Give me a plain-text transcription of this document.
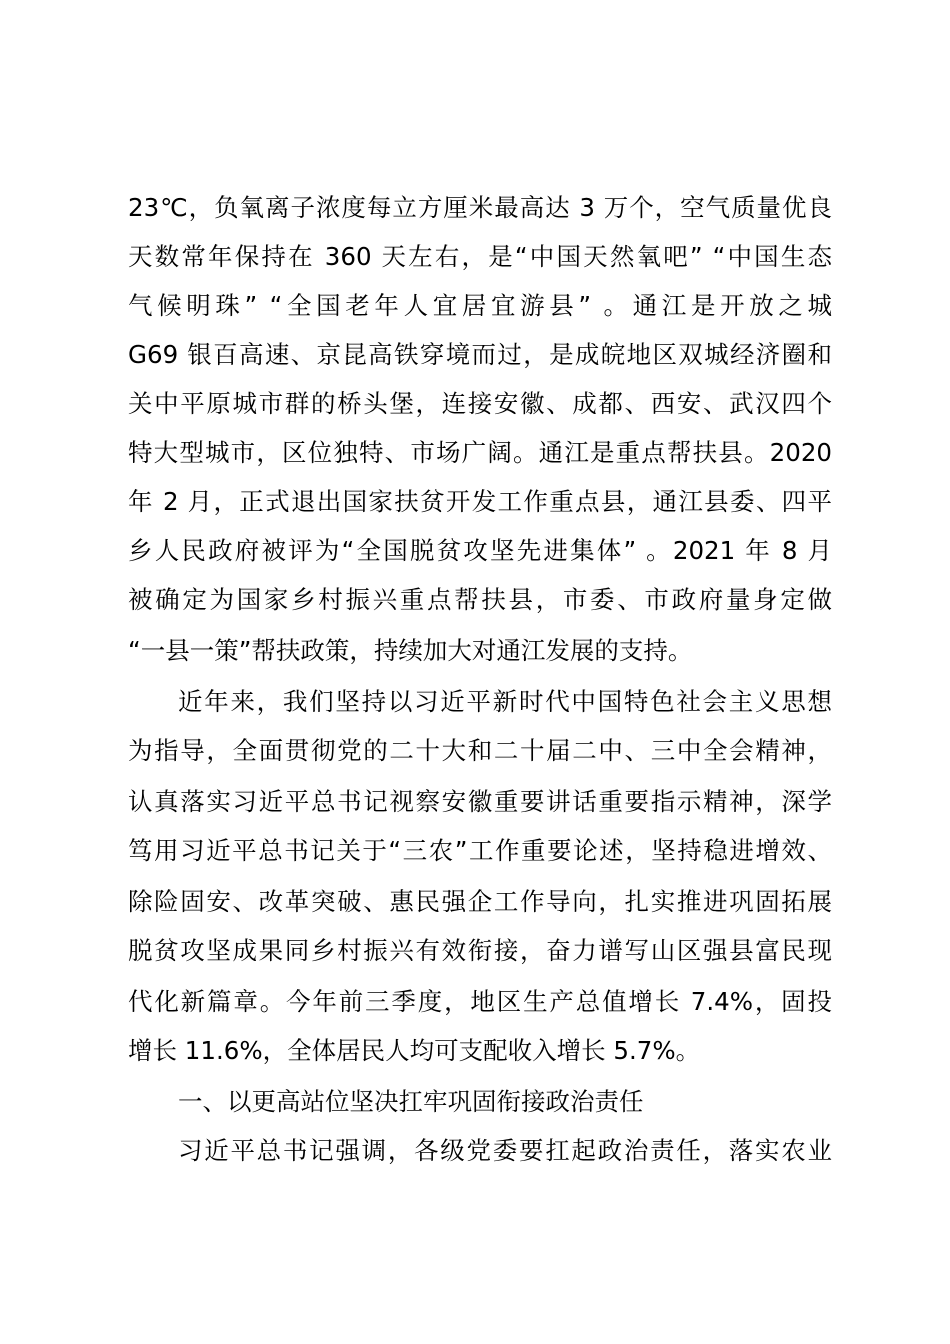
23℃，负氧离子浓度每立方厘米最高达 3 万个，空气质量优良
天数常年保持在 360 天左右，是“中国天然氧吧” “中国生态
气候明珠” “全国老年人宜居宜游县” 。通江是开放之城
G69 银百高速、京昆高铁穿境而过，是成皖地区双城经济圈和
关中平原城市群的桥头堡，连接安徽、成都、西安、武汉四个
特大型城市，区位独特、市场广阔。通江是重点帮扶县。2020
年 2 月，正式退出国家扶贫开发工作重点县，通江县委、四平
乡人民政府被评为“全国脱贫攻坚先进集体” 。2021 年 8 月
被确定为国家乡村振兴重点帮扶县，市委、市政府量身定做
“一县一策”帮扶政策，持续加大对通江发展的支持。
近年来，我们坚持以习近平新时代中国特色社会主义思想
为指导，全面贯彻党的二十大和二十届二中、三中全会精神，
认真落实习近平总书记视察安徽重要讲话重要指示精神，深学
笃用习近平总书记关于“三农”工作重要论述，坚持稳进增效、
除险固安、改革突破、惠民强企工作导向，扎实推进巩固拓展
脱贫攻坚成果同乡村振兴有效衔接，奋力谱写山区强县富民现
代化新篇章。今年前三季度，地区生产总值增长 7.4%，固投
增长 11.6%，全体居民人均可支配收入增长 5.7%。
一、以更高站位坚决扛牢巩固衔接政治责任
习近平总书记强调，各级党委要扛起政治责任，落实农业
